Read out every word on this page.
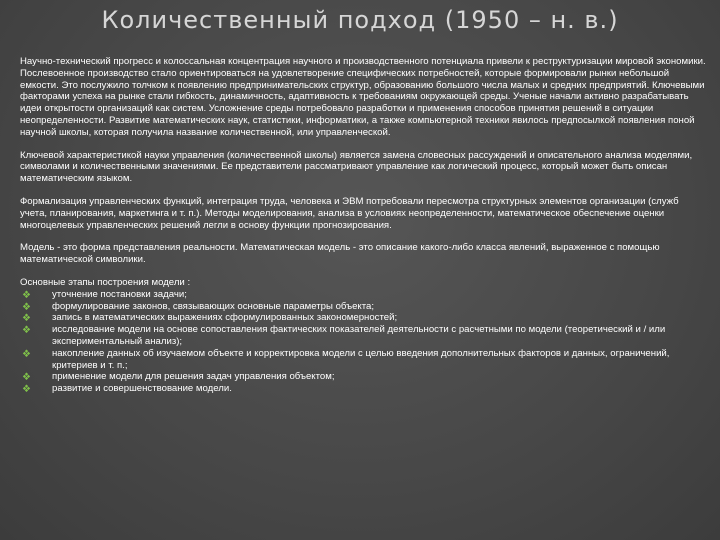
Количественный подход (1950 – н. в.)

Научно-технический прогресс и колоссальная концентрация научного и производственного потенциала привели к реструктуризации мировой экономики. Послевоенное производство стало ориентироваться на удовлетворение специфических потребностей, которые формировали рынки небольшой емкости. Это послужило толчком к появлению предпринимательских структур, образованию большого числа малых и средних предприятий. Ключевыми факторами успеха на рынке стали гибкость, динамичность, адаптивность к требованиям окружающей среды. Ученые начали активно разрабатывать идеи открытости организаций как систем. Усложнение среды потребовало разработки и применения способов принятия решений в ситуации неопределенности. Развитие математических наук, статистики, информатики, а также компьютерной техники явилось предпосылкой появления поной научной школы, которая получила название количественной, или управленческой.

Ключевой характеристикой науки управления (количественной школы) является замена словесных рассуждений и описательного анализа моделями, символами и количественными значениями. Ее представители рассматривают управление как логический процесс, который может быть описан математическим языком.

Формализация управленческих функций, интеграция труда, человека и ЭВМ потребовали пересмотра структурных элементов организации (служб учета, планирования, маркетинга и т. п.). Методы моделирования, анализа в условиях неопределенности, математическое обеспечение оценки многоцелевых управленческих решений легли в основу функции прогнозирования.

Модель - это форма представления реальности. Математическая модель - это описание какого-либо класса явлений, выраженное с помощью математической символики.

Основные этапы построения модели :
❖ уточнение постановки задачи;
❖ формулирование законов, связывающих основные параметры объекта;
❖ запись в математических выражениях сформулированных закономерностей;
❖ исследование модели на основе сопоставления фактических показателей деятельности с расчетными по модели (теоретический и / или экспериментальный анализ);
❖ накопление данных об изучаемом объекте и корректировка модели с целью введения дополнительных факторов и данных, ограничений, критериев и т. п.;
❖ применение модели для решения задач управления объектом;
❖ развитие и совершенствование модели.
